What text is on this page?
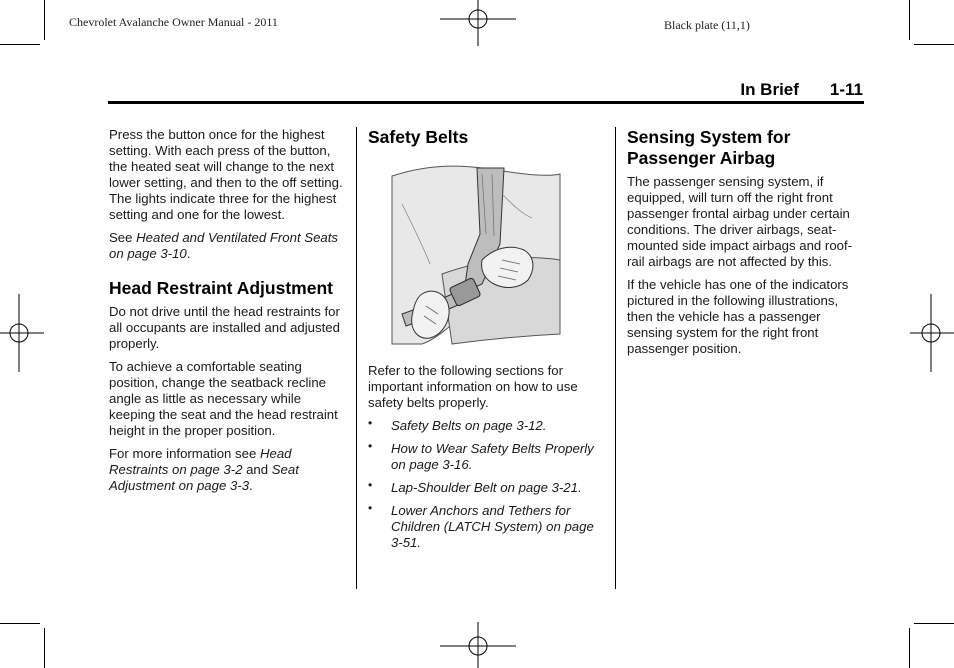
Chevrolet Avalanche Owner Manual - 2011	Black plate (11,1)
In Brief 1-11

Press the button once for the highest setting. With each press of the button, the heated seat will change to the next lower setting, and then to the off setting. The lights indicate three for the highest setting and one for the lowest.

See Heated and Ventilated Front Seats on page 3-10.

Head Restraint Adjustment

Do not drive until the head restraints for all occupants are installed and adjusted properly.

To achieve a comfortable seating position, change the seatback recline angle as little as necessary while keeping the seat and the head restraint height in the proper position.

For more information see Head Restraints on page 3-2 and Seat Adjustment on page 3-3.

Safety Belts

Refer to the following sections for important information on how to use safety belts properly.

• Safety Belts on page 3-12.
• How to Wear Safety Belts Properly on page 3-16.
• Lap-Shoulder Belt on page 3-21.
• Lower Anchors and Tethers for Children (LATCH System) on page 3-51.
Sensing System for Passenger Airbag

The passenger sensing system, if equipped, will turn off the right front passenger frontal airbag under certain conditions. The driver airbags, seat-mounted side impact airbags and roof-rail airbags are not affected by this.

If the vehicle has one of the indicators pictured in the following illustrations, then the vehicle has a passenger sensing system for the right front passenger position.
